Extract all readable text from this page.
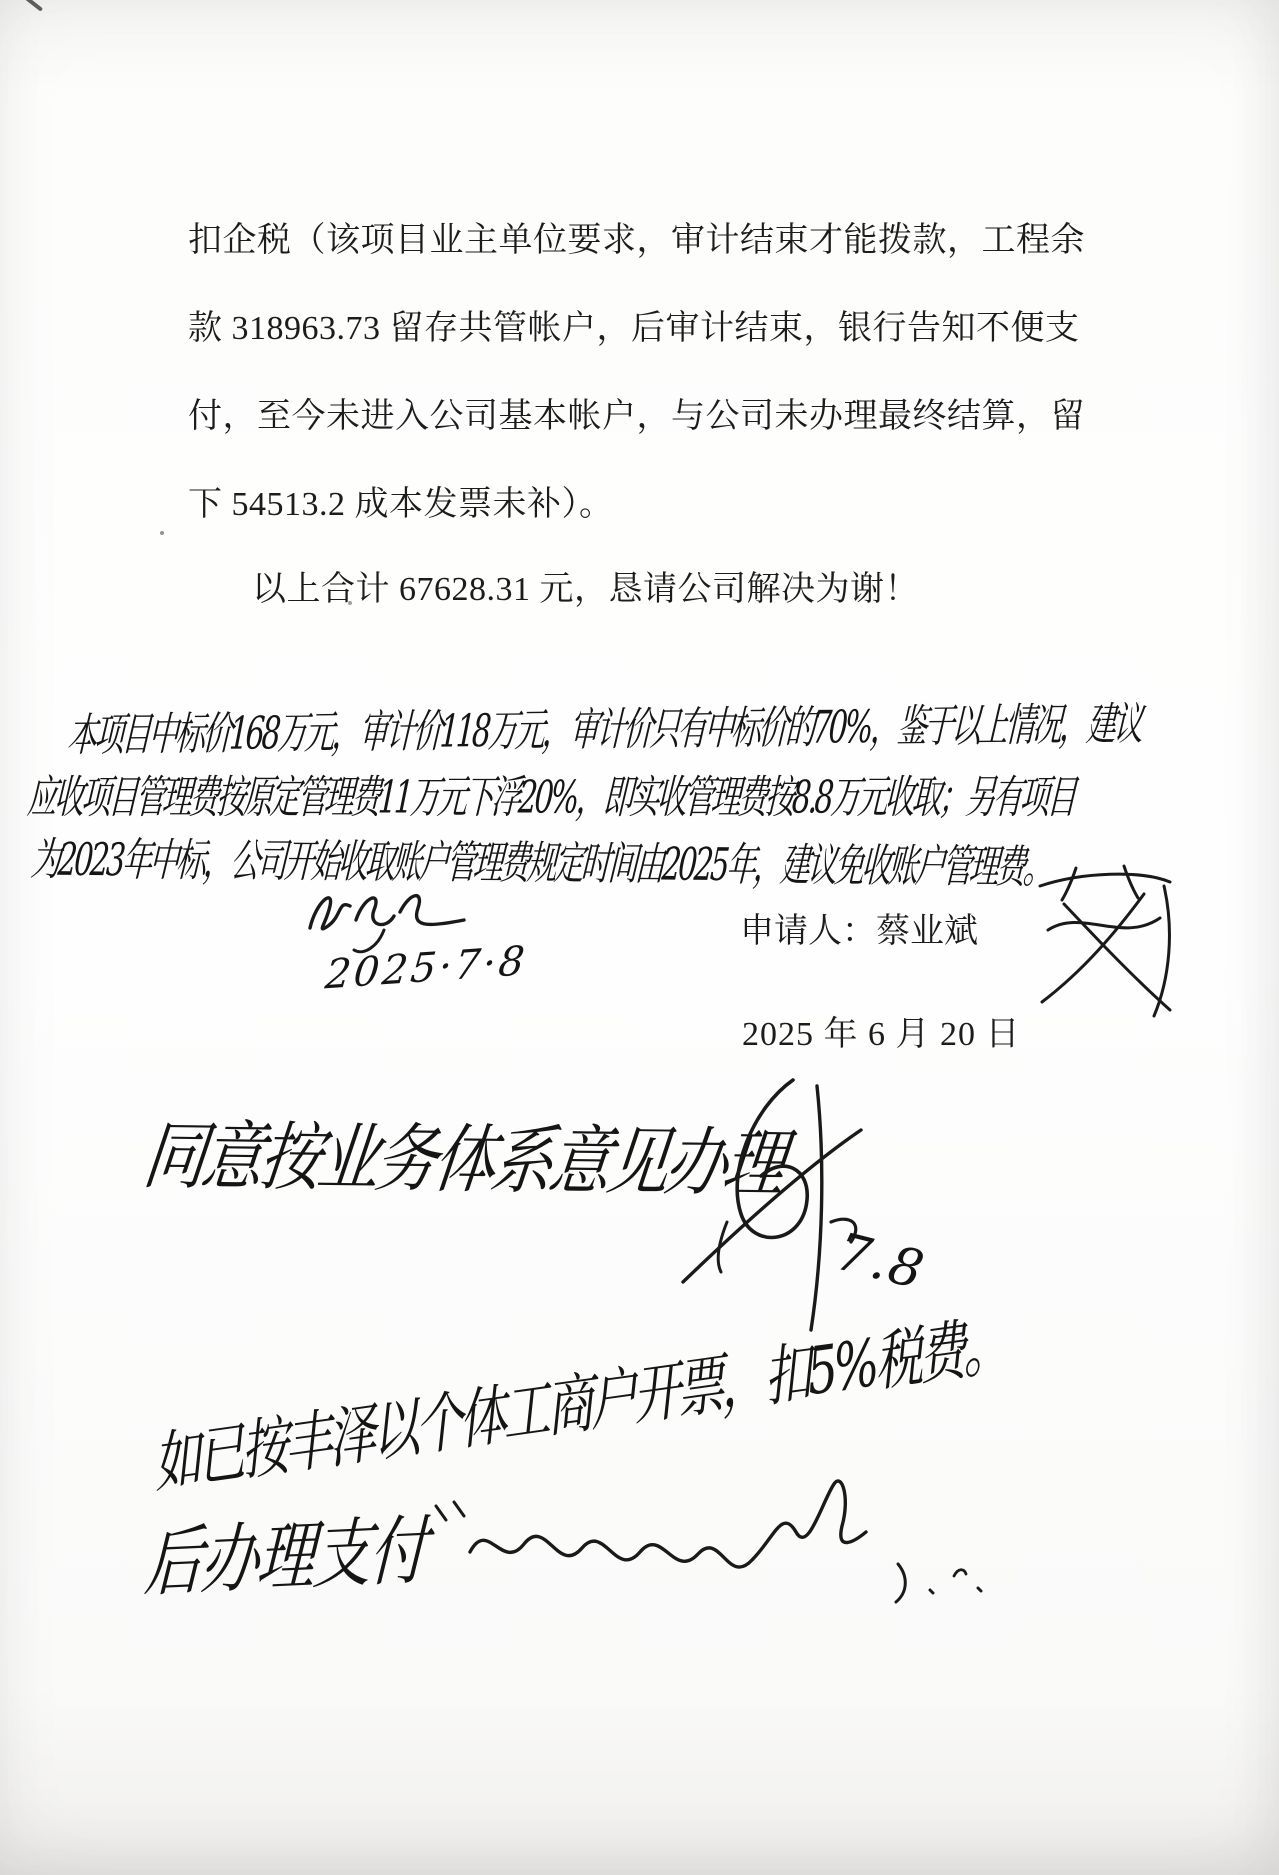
扣企税（该项目业主单位要求，审计结束才能拨款，工程余
款 318963.73 留存共管帐户，后审计结束，银行告知不便支
付，至今未进入公司基本帐户，与公司未办理最终结算，留
下 54513.2 成本发票未补）。
以上合计 67628.31 元，恳请公司解决为谢！
本项目中标价168万元，审计价118万元，审计价只有中标价的70%，鉴于以上情况，建议
应收项目管理费按原定管理费11万元下浮20%，即实收管理费按8.8万元收取；另有项目
为2023年中标，公司开始收取账户管理费规定时间由2025年，建议免收账户管理费。
2025·7·8
申请人：蔡业斌
2025 年 6 月 20 日
同意按业务体系意见办理
7.8
如已按丰泽以个体工商户开票，扣5%税费。
后办理支付
